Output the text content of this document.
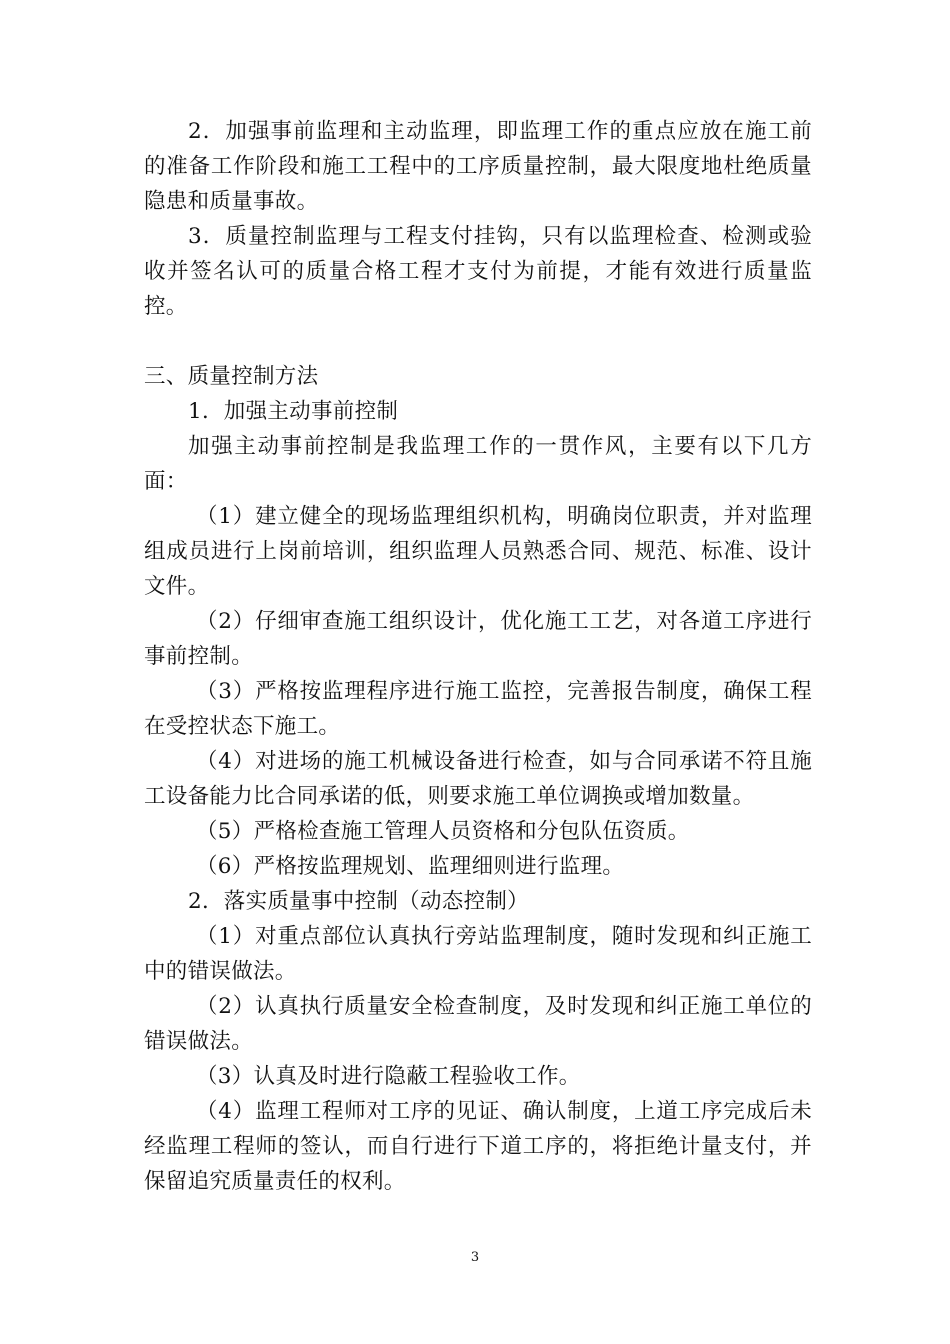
2．加强事前监理和主动监理，即监理工作的重点应放在施工前的准备工作阶段和施工工程中的工序质量控制，最大限度地杜绝质量隐患和质量事故。

3．质量控制监理与工程支付挂钩，只有以监理检查、检测或验收并签名认可的质量合格工程才支付为前提，才能有效进行质量监控。

三、质量控制方法

1．加强主动事前控制

加强主动事前控制是我监理工作的一贯作风，主要有以下几方面：

（1）建立健全的现场监理组织机构，明确岗位职责，并对监理组成员进行上岗前培训，组织监理人员熟悉合同、规范、标准、设计文件。

（2）仔细审查施工组织设计，优化施工工艺，对各道工序进行事前控制。

（3）严格按监理程序进行施工监控，完善报告制度，确保工程在受控状态下施工。

（4）对进场的施工机械设备进行检查，如与合同承诺不符且施工设备能力比合同承诺的低，则要求施工单位调换或增加数量。

（5）严格检查施工管理人员资格和分包队伍资质。

（6）严格按监理规划、监理细则进行监理。

2．落实质量事中控制（动态控制）

（1）对重点部位认真执行旁站监理制度，随时发现和纠正施工中的错误做法。

（2）认真执行质量安全检查制度，及时发现和纠正施工单位的错误做法。

（3）认真及时进行隐蔽工程验收工作。

（4）监理工程师对工序的见证、确认制度，上道工序完成后未经监理工程师的签认，而自行进行下道工序的，将拒绝计量支付，并保留追究质量责任的权利。

3
